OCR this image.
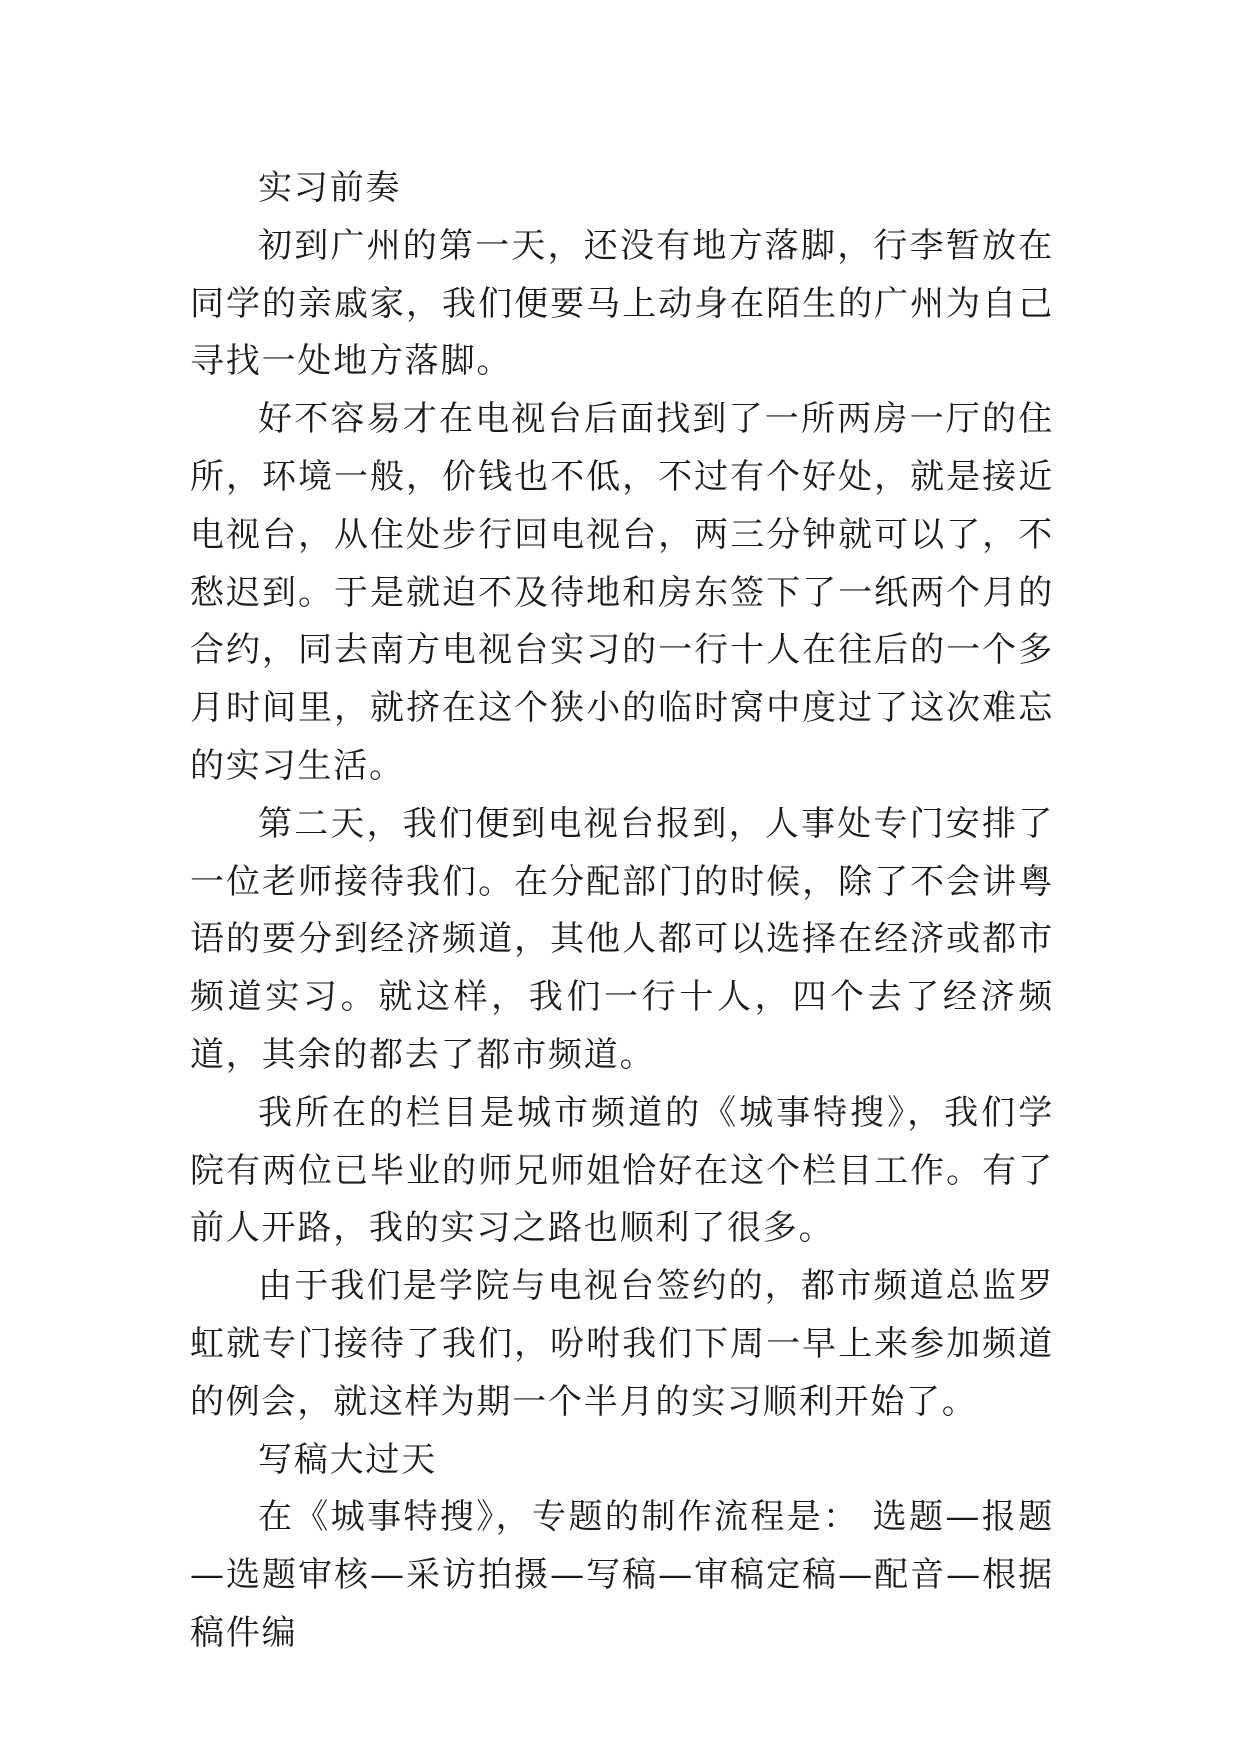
实习前奏

初到广州的第一天，还没有地方落脚，行李暂放在同学的亲戚家，我们便要马上动身在陌生的广州为自己寻找一处地方落脚。

好不容易才在电视台后面找到了一所两房一厅的住所，环境一般，价钱也不低，不过有个好处，就是接近电视台，从住处步行回电视台，两三分钟就可以了，不愁迟到。于是就迫不及待地和房东签下了一纸两个月的合约，同去南方电视台实习的一行十人在往后的一个多月时间里，就挤在这个狭小的临时窝中度过了这次难忘的实习生活。

第二天，我们便到电视台报到，人事处专门安排了一位老师接待我们。在分配部门的时候，除了不会讲粤语的要分到经济频道，其他人都可以选择在经济或都市频道实习。就这样，我们一行十人，四个去了经济频道，其余的都去了都市频道。

我所在的栏目是城市频道的《城事特搜》，我们学院有两位已毕业的师兄师姐恰好在这个栏目工作。有了前人开路，我的实习之路也顺利了很多。

由于我们是学院与电视台签约的，都市频道总监罗虹就专门接待了我们，吩咐我们下周一早上来参加频道的例会，就这样为期一个半月的实习顺利开始了。

写稿大过天

在《城事特搜》，专题的制作流程是： 选题—报题—选题审核—采访拍摄—写稿—审稿定稿—配音—根据稿件编
